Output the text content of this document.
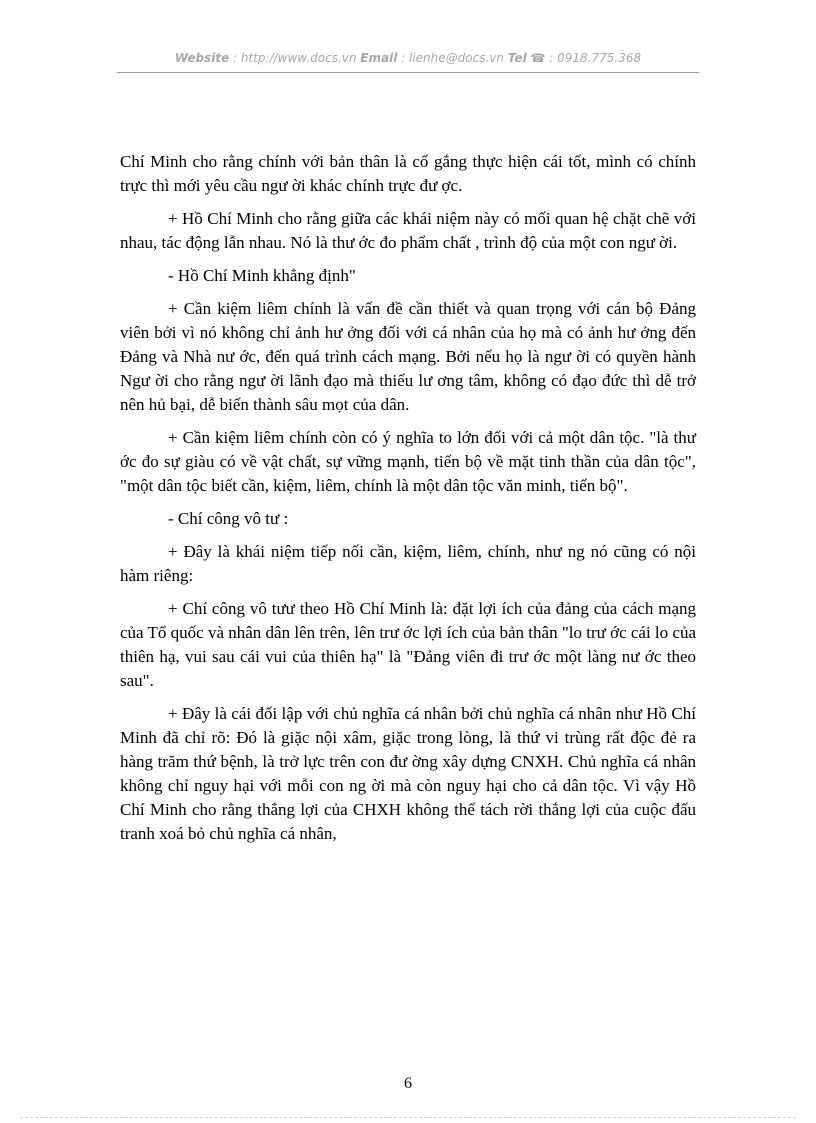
Website : http://www.docs.vn Email : lienhe@docs.vn Tel ☎ : 0918.775.368

Chí Minh cho rằng chính với bản thân là cố gắng thực hiện cái tốt, mình có chính trực thì mới yêu cầu ngư ời khác chính trực đư ợc.

+ Hồ Chí Minh cho rằng giữa các khái niệm này có mối quan hệ chặt chẽ với nhau, tác động lẫn nhau. Nó là thư ớc đo phẩm chất , trình độ của một con ngư ời.

- Hồ Chí Minh khẳng định"

+ Cần kiệm liêm chính là vấn đề cần thiết và quan trọng với cán bộ Đảng viên bởi vì nó không chỉ ảnh hư ởng đối với cá nhân của họ mà có ảnh hư ởng đến Đảng và Nhà nư ớc, đến quá trình cách mạng. Bởi nếu họ là ngư ời có quyền hành Ngư ời cho rằng ngư ời lãnh đạo mà thiếu lư ơng tâm, không có đạo đức thì dễ trở nên hủ bại, dễ biến thành sâu mọt của dân.

+ Cần kiệm liêm chính còn có ý nghĩa to lớn đối với cả một dân tộc. "là thư ớc đo sự giàu có về vật chất, sự vững mạnh, tiến bộ về mặt tinh thần của dân tộc", "một dân tộc biết cần, kiệm, liêm, chính là một dân tộc văn minh, tiến bộ".

- Chí công vô tư :

+ Đây là khái niệm tiếp nối cần, kiệm, liêm, chính, như ng nó cũng có nội hàm riêng:

+ Chí công vô tưư theo Hồ Chí Minh là: đặt lợi ích của đảng của cách mạng của Tổ quốc và nhân dân lên trên, lên trư ớc lợi ích của bản thân "lo trư ớc cái lo của thiên hạ, vui sau cái vui của thiên hạ" là "Đảng viên đi trư ớc một làng nư ớc theo sau".

+ Đây là cái đối lập với chủ nghĩa cá nhân bởi chủ nghĩa cá nhân như Hồ Chí Minh đã chỉ rõ: Đó là giặc nội xâm, giặc trong lòng, là thứ vi trùng rất độc đẻ ra hàng trăm thứ bệnh, là trở lực trên con đư ờng xây dựng CNXH. Chủ nghĩa cá nhân không chỉ nguy hại với mỗi con ng ời mà còn nguy hại cho cả dân tộc. Vì vậy Hồ Chí Minh cho rằng thắng lợi của CHXH không thể tách rời thắng lợi của cuộc đấu tranh xoá bỏ chủ nghĩa cá nhân,

6
